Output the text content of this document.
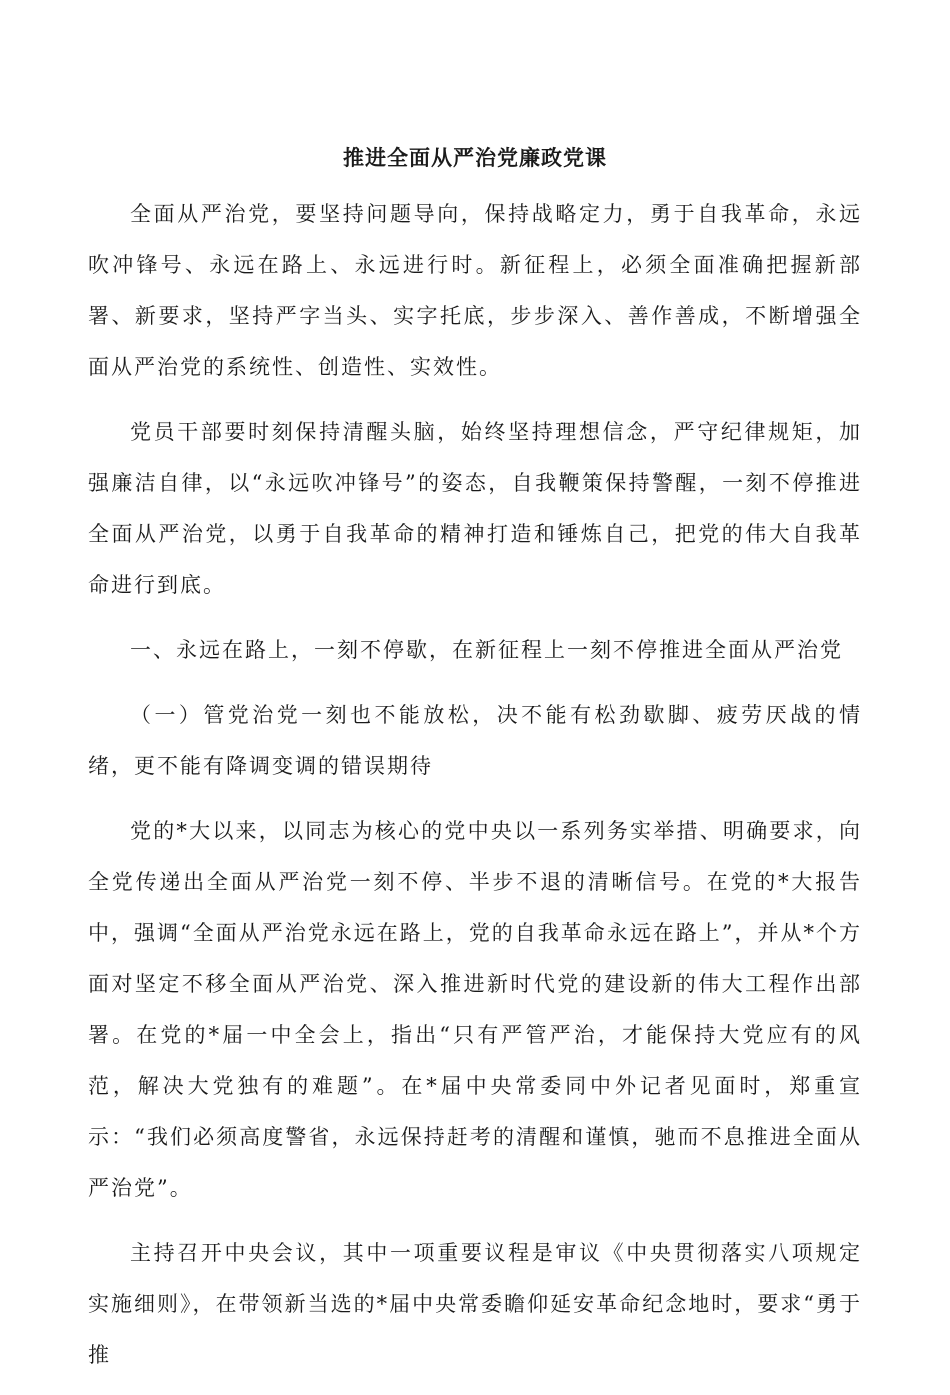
推进全面从严治党廉政党课

全面从严治党，要坚持问题导向，保持战略定力，勇于自我革命，永远吹冲锋号、永远在路上、永远进行时。新征程上，必须全面准确把握新部署、新要求，坚持严字当头、实字托底，步步深入、善作善成，不断增强全面从严治党的系统性、创造性、实效性。

党员干部要时刻保持清醒头脑，始终坚持理想信念，严守纪律规矩，加强廉洁自律，以“永远吹冲锋号”的姿态，自我鞭策保持警醒，一刻不停推进全面从严治党，以勇于自我革命的精神打造和锤炼自己，把党的伟大自我革命进行到底。

一、永远在路上，一刻不停歇，在新征程上一刻不停推进全面从严治党

（一）管党治党一刻也不能放松，决不能有松劲歇脚、疲劳厌战的情绪，更不能有降调变调的错误期待

党的*大以来，以同志为核心的党中央以一系列务实举措、明确要求，向全党传递出全面从严治党一刻不停、半步不退的清晰信号。在党的*大报告中，强调“全面从严治党永远在路上，党的自我革命永远在路上”，并从*个方面对坚定不移全面从严治党、深入推进新时代党的建设新的伟大工程作出部署。在党的*届一中全会上，指出“只有严管严治，才能保持大党应有的风范，解决大党独有的难题”。在*届中央常委同中外记者见面时，郑重宣示：“我们必须高度警省，永远保持赶考的清醒和谨慎，驰而不息推进全面从严治党”。

主持召开中央会议，其中一项重要议程是审议《中央贯彻落实八项规定实施细则》，在带领新当选的*届中央常委瞻仰延安革命纪念地时，要求“勇于推
